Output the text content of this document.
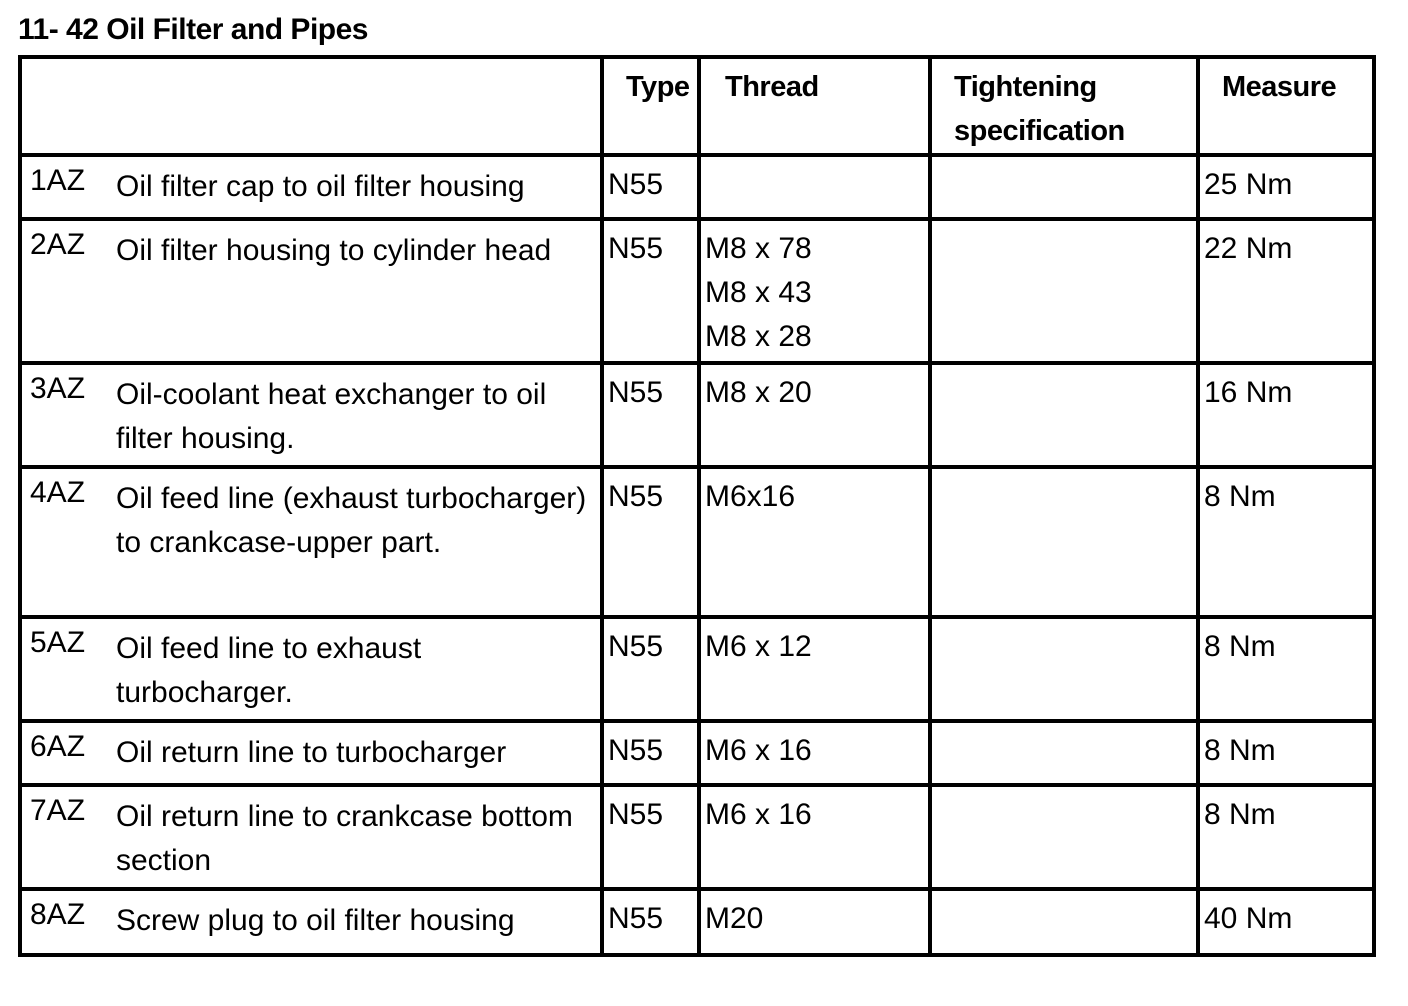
11- 42 Oil Filter and Pipes
	Type	Thread	Tightening specification	Measure

1AZ Oil filter cap to oil filter housing	N55			25 Nm

2AZ Oil filter housing to cylinder head	N55	M8 x 78
M8 x 43
M8 x 28		22 Nm

3AZ Oil-coolant heat exchanger to oil filter housing.	N55	M8 x 20		16 Nm

4AZ Oil feed line (exhaust turbocharger) to crankcase-upper part.	N55	M6x16		8 Nm

5AZ Oil feed line to exhaust turbocharger.	N55	M6 x 12		8 Nm

6AZ Oil return line to turbocharger	N55	M6 x 16		8 Nm

7AZ Oil return line to crankcase bottom section	N55	M6 x 16		8 Nm

8AZ Screw plug to oil filter housing	N55	M20		40 Nm
